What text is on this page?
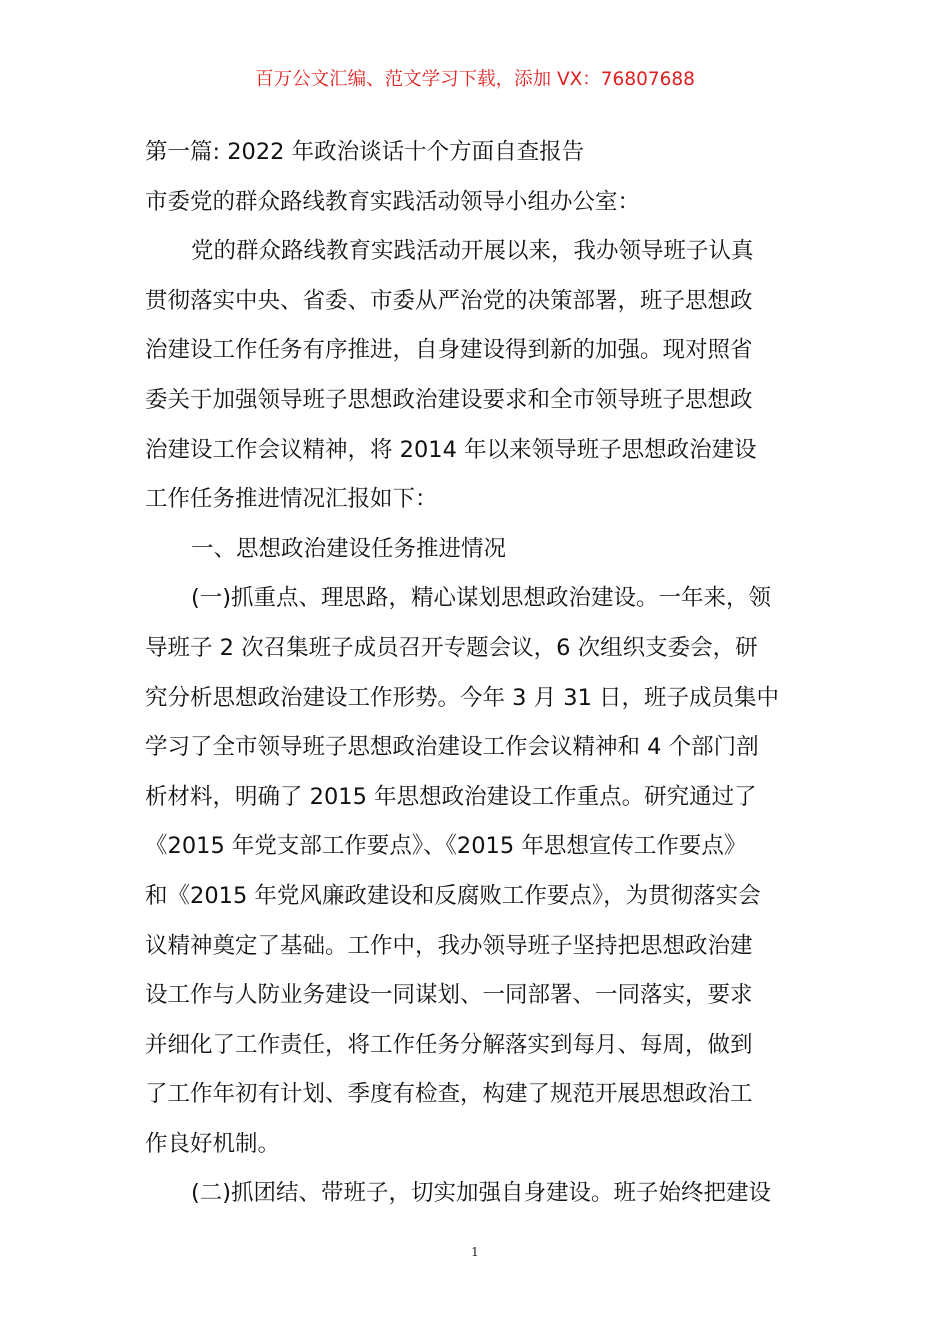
百万公文汇编、范文学习下载，添加 VX：76807688
第一篇: 2022 年政治谈话十个方面自查报告
市委党的群众路线教育实践活动领导小组办公室：
党的群众路线教育实践活动开展以来，我办领导班子认真
贯彻落实中央、省委、市委从严治党的决策部署，班子思想政
治建设工作任务有序推进，自身建设得到新的加强。现对照省
委关于加强领导班子思想政治建设要求和全市领导班子思想政
治建设工作会议精神，将 2014 年以来领导班子思想政治建设
工作任务推进情况汇报如下：
一、思想政治建设任务推进情况
(一)抓重点、理思路，精心谋划思想政治建设。一年来，领
导班子 2 次召集班子成员召开专题会议，6 次组织支委会，研
究分析思想政治建设工作形势。今年 3 月 31 日，班子成员集中
学习了全市领导班子思想政治建设工作会议精神和 4 个部门剖
析材料，明确了 2015 年思想政治建设工作重点。研究通过了
《2015 年党支部工作要点》、《2015 年思想宣传工作要点》
和《2015 年党风廉政建设和反腐败工作要点》，为贯彻落实会
议精神奠定了基础。工作中，我办领导班子坚持把思想政治建
设工作与人防业务建设一同谋划、一同部署、一同落实，要求
并细化了工作责任，将工作任务分解落实到每月、每周，做到
了工作年初有计划、季度有检查，构建了规范开展思想政治工
作良好机制。
(二)抓团结、带班子，切实加强自身建设。班子始终把建设
1
